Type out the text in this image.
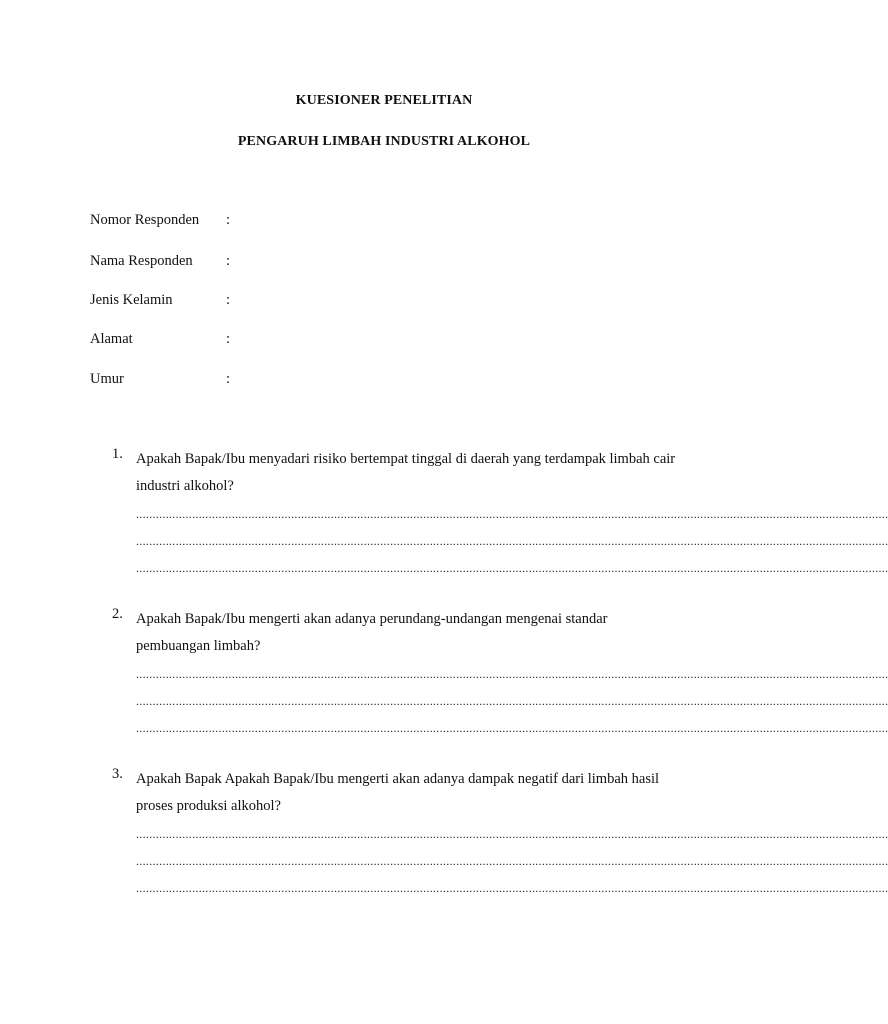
KUESIONER PENELITIAN
PENGARUH LIMBAH INDUSTRI ALKOHOL
Nomor Responden :
Nama Responden :
Jenis Kelamin	:
Alamat	:
Umur	:
1. Apakah Bapak/Ibu menyadari risiko bertempat tinggal di daerah yang terdampak limbah cair industri alkohol?
....................................................................................................................................................................................................................................
....................................................................................................................................................................................................................................
....................................................................................................................................................................................................................................
2. Apakah Bapak/Ibu mengerti akan adanya perundang-undangan mengenai standar pembuangan limbah?
....................................................................................................................................................................................................................................
....................................................................................................................................................................................................................................
....................................................................................................................................................................................................................................
3. Apakah Bapak Apakah Bapak/Ibu mengerti akan adanya dampak negatif dari limbah hasil proses produksi alkohol?
....................................................................................................................................................................................................................................
....................................................................................................................................................................................................................................
....................................................................................................................................................................................................................................
